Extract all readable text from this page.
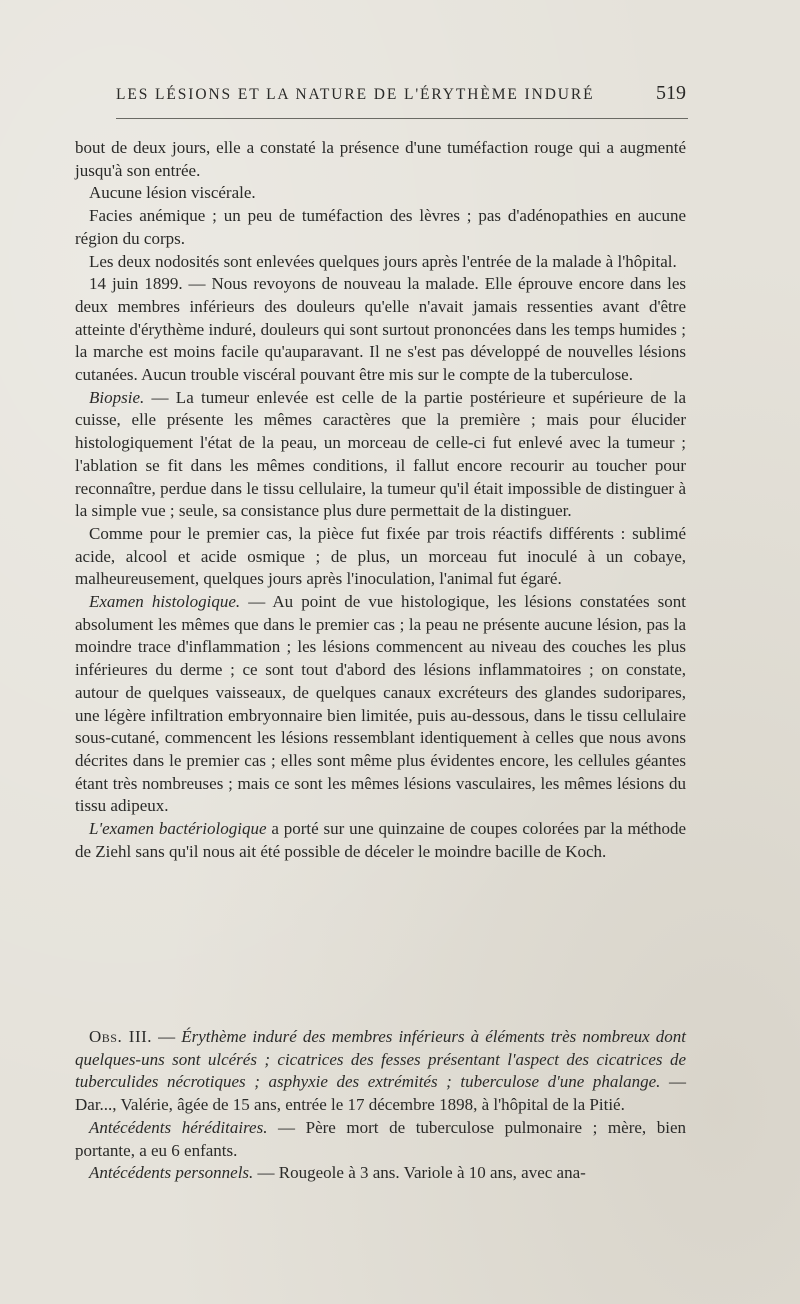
LES LÉSIONS ET LA NATURE DE L'ÉRYTHÈME INDURÉ	519

bout de deux jours, elle a constaté la présence d'une tuméfaction rouge qui a augmenté jusqu'à son entrée.

Aucune lésion viscérale.

Facies anémique ; un peu de tuméfaction des lèvres ; pas d'adénopathies en aucune région du corps.

Les deux nodosités sont enlevées quelques jours après l'entrée de la malade à l'hôpital.

14 juin 1899. — Nous revoyons de nouveau la malade. Elle éprouve encore dans les deux membres inférieurs des douleurs qu'elle n'avait jamais ressenties avant d'être atteinte d'érythème induré, douleurs qui sont surtout prononcées dans les temps humides ; la marche est moins facile qu'auparavant. Il ne s'est pas développé de nouvelles lésions cutanées. Aucun trouble viscéral pouvant être mis sur le compte de la tuberculose.

Biopsie. — La tumeur enlevée est celle de la partie postérieure et supérieure de la cuisse, elle présente les mêmes caractères que la première ; mais pour élucider histologiquement l'état de la peau, un morceau de celle-ci fut enlevé avec la tumeur ; l'ablation se fit dans les mêmes conditions, il fallut encore recourir au toucher pour reconnaître, perdue dans le tissu cellulaire, la tumeur qu'il était impossible de distinguer à la simple vue ; seule, sa consistance plus dure permettait de la distinguer.

Comme pour le premier cas, la pièce fut fixée par trois réactifs différents : sublimé acide, alcool et acide osmique ; de plus, un morceau fut inoculé à un cobaye, malheureusement, quelques jours après l'inoculation, l'animal fut égaré.

Examen histologique. — Au point de vue histologique, les lésions constatées sont absolument les mêmes que dans le premier cas ; la peau ne présente aucune lésion, pas la moindre trace d'inflammation ; les lésions commencent au niveau des couches les plus inférieures du derme ; ce sont tout d'abord des lésions inflammatoires ; on constate, autour de quelques vaisseaux, de quelques canaux excréteurs des glandes sudoripares, une légère infiltration embryonnaire bien limitée, puis au-dessous, dans le tissu cellulaire sous-cutané, commencent les lésions ressemblant identiquement à celles que nous avons décrites dans le premier cas ; elles sont même plus évidentes encore, les cellules géantes étant très nombreuses ; mais ce sont les mêmes lésions vasculaires, les mêmes lésions du tissu adipeux.

L'examen bactériologique a porté sur une quinzaine de coupes colorées par la méthode de Ziehl sans qu'il nous ait été possible de déceler le moindre bacille de Koch.

Obs. III. — Érythème induré des membres inférieurs à éléments très nombreux dont quelques-uns sont ulcérés ; cicatrices des fesses présentant l'aspect des cicatrices de tuberculides nécrotiques ; asphyxie des extrémités ; tuberculose d'une phalange. — Dar..., Valérie, âgée de 15 ans, entrée le 17 décembre 1898, à l'hôpital de la Pitié.

Antécédents héréditaires. — Père mort de tuberculose pulmonaire ; mère, bien portante, a eu 6 enfants.

Antécédents personnels. — Rougeole à 3 ans. Variole à 10 ans, avec ana-
